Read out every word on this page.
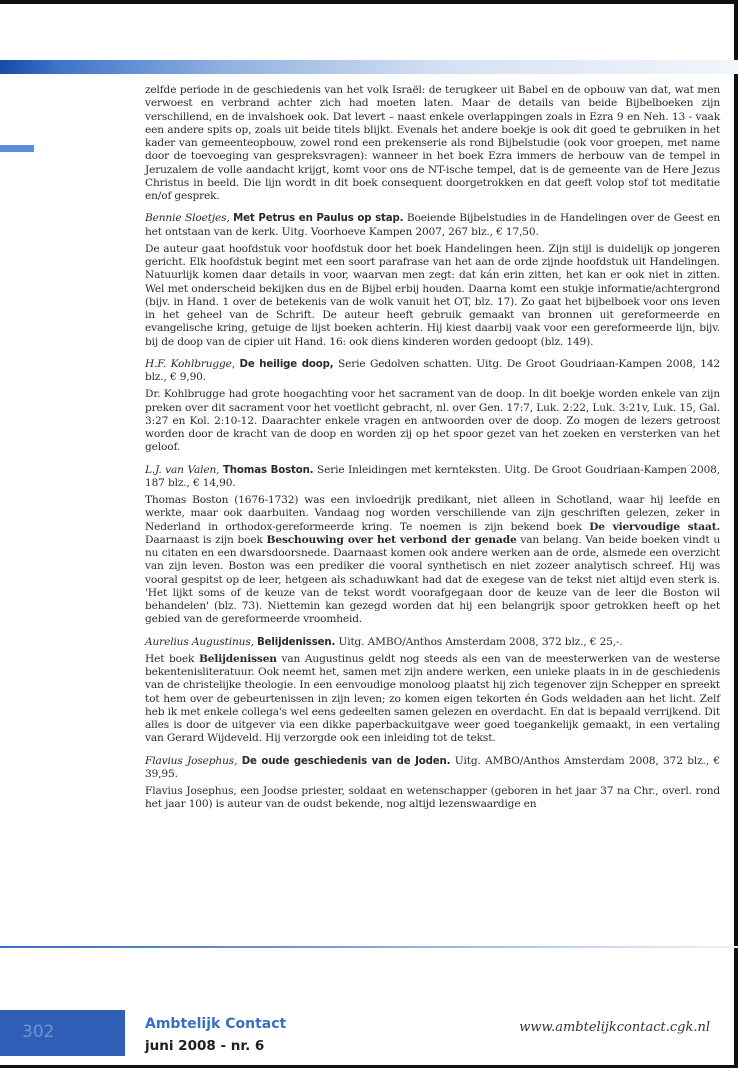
zelfde periode in de geschiedenis van het volk Israël: de terugkeer uit Babel en de opbouw van dat, wat men verwoest en verbrand achter zich had moeten laten. Maar de details van beide Bijbelboeken zijn verschillend, en de invalshoek ook. Dat levert – naast enkele overlappingen zoals in Ezra 9 en Neh. 13 - vaak een andere spits op, zoals uit beide titels blijkt. Evenals het andere boekje is ook dit goed te gebruiken in het kader van gemeenteopbouw, zowel rond een prekenserie als rond Bijbelstudie (ook voor groepen, met name door de toevoeging van gespreksvragen): wanneer in het boek Ezra immers de herbouw van de tempel in Jeruzalem de volle aandacht krijgt, komt voor ons de NT-ische tempel, dat is de gemeente van de Here Jezus Christus in beeld. Die lijn wordt in dit boek consequent doorgetrokken en dat geeft volop stof tot meditatie en/of gesprek.

Bennie Sloetjes, Met Petrus en Paulus op stap. Boeiende Bijbelstudies in de Handelingen over de Geest en het ontstaan van de kerk. Uitg. Voorhoeve Kampen 2007, 267 blz., € 17,50.

De auteur gaat hoofdstuk voor hoofdstuk door het boek Handelingen heen. Zijn stijl is duidelijk op jongeren gericht. Elk hoofdstuk begint met een soort parafrase van het aan de orde zijnde hoofdstuk uit Handelingen. Natuurlijk komen daar details in voor, waarvan men zegt: dat kán erin zitten, het kan er ook niet in zitten. Wel met onderscheid bekijken dus en de Bijbel erbij houden. Daarna komt een stukje informatie/achtergrond (bijv. in Hand. 1 over de betekenis van de wolk vanuit het OT, blz. 17). Zo gaat het bijbelboek voor ons leven in het geheel van de Schrift. De auteur heeft gebruik gemaakt van bronnen uit gereformeerde en evangelische kring, getuige de lijst boeken achterin. Hij kiest daarbij vaak voor een gereformeerde lijn, bijv. bij de doop van de cipier uit Hand. 16: ook diens kinderen worden gedoopt (blz. 149).

H.F. Kohlbrugge, De heilige doop, Serie Gedolven schatten. Uitg. De Groot Goudriaan-Kampen 2008, 142 blz., € 9,90.

Dr. Kohlbrugge had grote hoogachting voor het sacrament van de doop. In dit boekje worden enkele van zijn preken over dit sacrament voor het voetlicht gebracht, nl. over Gen. 17:7, Luk. 2:22, Luk. 3:21v, Luk. 15, Gal. 3:27 en Kol. 2:10-12. Daarachter enkele vragen en antwoorden over de doop. Zo mogen de lezers getroost worden door de kracht van de doop en worden zij op het spoor gezet van het zoeken en versterken van het geloof.

L.J. van Valen, Thomas Boston. Serie Inleidingen met kernteksten. Uitg. De Groot Goudriaan-Kampen 2008, 187 blz., € 14,90.

Thomas Boston (1676-1732) was een invloedrijk predikant, niet alleen in Schotland, waar hij leefde en werkte, maar ook daarbuiten. Vandaag nog worden verschillende van zijn geschriften gelezen, zeker in Nederland in orthodox-gereformeerde kring. Te noemen is zijn bekend boek De viervoudige staat. Daarnaast is zijn boek Beschouwing over het verbond der genade van belang. Van beide boeken vindt u nu citaten en een dwarsdoorsnede. Daarnaast komen ook andere werken aan de orde, alsmede een overzicht van zijn leven. Boston was een prediker die vooral synthetisch en niet zozeer analytisch schreef. Hij was vooral gespitst op de leer, hetgeen als schaduwkant had dat de exegese van de tekst niet altijd even sterk is. 'Het lijkt soms of de keuze van de tekst wordt voorafgegaan door de keuze van de leer die Boston wil behandelen' (blz. 73). Niettemin kan gezegd worden dat hij een belangrijk spoor getrokken heeft op het gebied van de gereformeerde vroomheid.

Aurelius Augustinus, Belijdenissen. Uitg. AMBO/Anthos Amsterdam 2008, 372 blz., € 25,-.

Het boek Belijdenissen van Augustinus geldt nog steeds als een van de meesterwerken van de westerse bekentenisliteratuur. Ook neemt het, samen met zijn andere werken, een unieke plaats in in de geschiedenis van de christelijke theologie. In een eenvoudige monoloog plaatst hij zich tegenover zijn Schepper en spreekt tot hem over de gebeurtenissen in zijn leven; zo komen eigen tekorten én Gods weldaden aan het licht. Zelf heb ik met enkele collega's wel eens gedeelten samen gelezen en overdacht. En dat is bepaald verrijkend. Dit alles is door de uitgever via een dikke paperbackuitgave weer goed toegankelijk gemaakt, in een vertaling van Gerard Wijdeveld. Hij verzorgde ook een inleiding tot de tekst.

Flavius Josephus, De oude geschiedenis van de Joden. Uitg. AMBO/Anthos Amsterdam 2008, 372 blz., € 39,95.

Flavius Josephus, een Joodse priester, soldaat en wetenschapper (geboren in het jaar 37 na Chr., overl. rond het jaar 100) is auteur van de oudst bekende, nog altijd lezenswaardige en

302	Ambtelijk Contact
juni 2008 - nr. 6
www.ambtelijkcontact.cgk.nl
